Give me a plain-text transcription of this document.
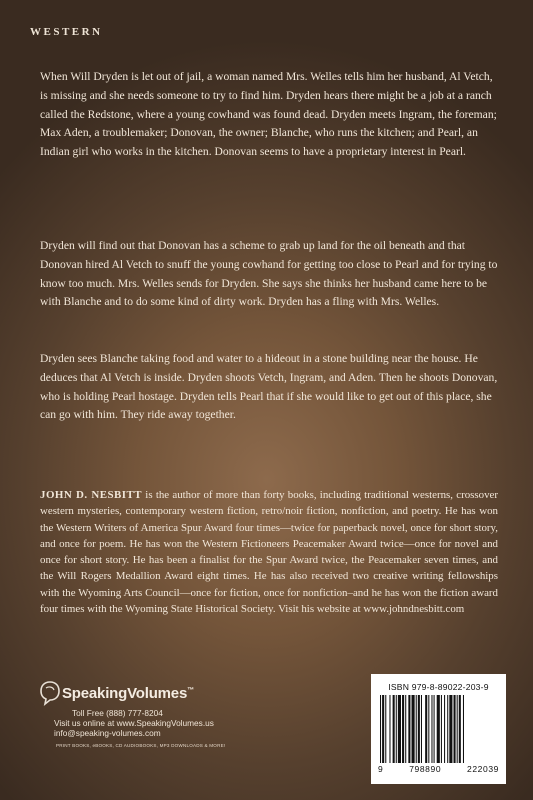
WESTERN
When Will Dryden is let out of jail, a woman named Mrs. Welles tells him her husband, Al Vetch, is missing and she needs someone to try to find him. Dryden hears there might be a job at a ranch called the Redstone, where a young cowhand was found dead. Dryden meets Ingram, the foreman; Max Aden, a troublemaker; Donovan, the owner; Blanche, who runs the kitchen; and Pearl, an Indian girl who works in the kitchen. Donovan seems to have a proprietary interest in Pearl.
Dryden will find out that Donovan has a scheme to grab up land for the oil beneath and that Donovan hired Al Vetch to snuff the young cowhand for getting too close to Pearl and for trying to know too much. Mrs. Welles sends for Dryden. She says she thinks her husband came here to be with Blanche and to do some kind of dirty work. Dryden has a fling with Mrs. Welles.
Dryden sees Blanche taking food and water to a hideout in a stone building near the house. He deduces that Al Vetch is inside. Dryden shoots Vetch, Ingram, and Aden. Then he shoots Donovan, who is holding Pearl hostage. Dryden tells Pearl that if she would like to get out of this place, she can go with him. They ride away together.
JOHN D. NESBITT is the author of more than forty books, including traditional westerns, crossover western mysteries, contemporary western fiction, retro/noir fiction, nonfiction, and poetry. He has won the Western Writers of America Spur Award four times—twice for paperback novel, once for short story, and once for poem. He has won the Western Fictioneers Peacemaker Award twice—once for novel and once for short story. He has been a finalist for the Spur Award twice, the Peacemaker seven times, and the Will Rogers Medallion Award eight times. He has also received two creative writing fellowships with the Wyoming Arts Council—once for fiction, once for nonfiction–and he has won the fiction award four times with the Wyoming State Historical Society. Visit his website at www.johndnesbitt.com
SpeakingVolumes™
Toll Free (888) 777-8204
Visit us online at www.SpeakingVolumes.us
info@speaking-volumes.com
PRINT BOOKS, eBOOKS, CD AUDIOBOOKS, MP3 DOWNLOADS & MORE!
ISBN 979-8-89022-203-9
9	798890	222039
